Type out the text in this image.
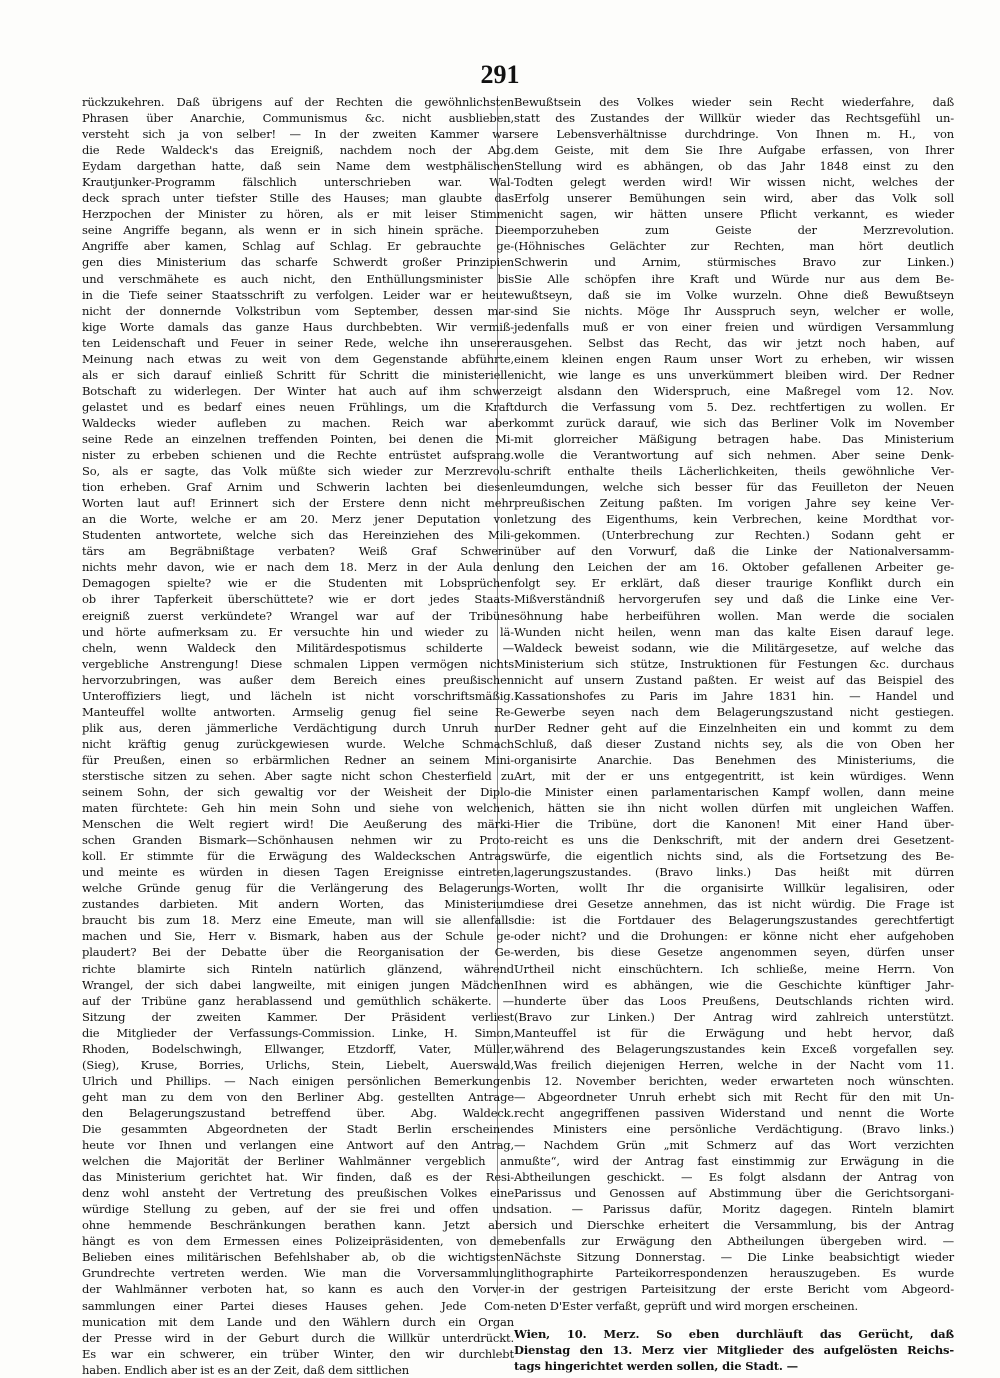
291
rückzukehren. Daß übrigens auf der Rechten die gewöhnlichsten
Phrasen über Anarchie, Communismus &c. nicht ausblieben,
versteht sich ja von selber! — In der zweiten Kammer war
die Rede Waldeck's das Ereigniß, nachdem noch der Abg.
Eydam dargethan hatte, daß sein Name dem westphälischen
Krautjunker-Programm fälschlich unterschrieben war. Wal-
deck sprach unter tiefster Stille des Hauses; man glaubte das
Herzpochen der Minister zu hören, als er mit leiser Stimme
seine Angriffe begann, als wenn er in sich hinein spräche. Die
Angriffe aber kamen, Schlag auf Schlag. Er gebrauchte ge-
gen dies Ministerium das scharfe Schwerdt großer Prinzipien
und verschmähete es auch nicht, den Enthüllungsminister bis
in die Tiefe seiner Staatsschrift zu verfolgen. Leider war er heute
nicht der donnernde Volkstribun vom September, dessen mar-
kige Worte damals das ganze Haus durchbebten. Wir vermiß-
ten Leidenschaft und Feuer in seiner Rede, welche ihn unserer
Meinung nach etwas zu weit von dem Gegenstande abführte,
als er sich darauf einließ Schritt für Schritt die ministerielle
Botschaft zu widerlegen. Der Winter hat auch auf ihm schwer
gelastet und es bedarf eines neuen Frühlings, um die Kraft
Waldecks wieder aufleben zu machen. Reich war aber
seine Rede an einzelnen treffenden Pointen, bei denen die Mi-
nister zu erbeben schienen und die Rechte entrüstet aufsprang.
So, als er sagte, das Volk müßte sich wieder zur Merzrevolu-
tion erheben. Graf Arnim und Schwerin lachten bei diesen
Worten laut auf! Erinnert sich der Erstere denn nicht mehr
an die Worte, welche er am 20. Merz jener Deputation von
Studenten antwortete, welche sich das Hereinziehen des Mili-
tärs am Begräbnißtage verbaten? Weiß Graf Schwerin
nichts mehr davon, wie er nach dem 18. Merz in der Aula den
Demagogen spielte? wie er die Studenten mit Lobsprüchen
ob ihrer Tapferkeit überschüttete? wie er dort jedes Staats-
ereigniß zuerst verkündete? Wrangel war auf der Tribüne
und hörte aufmerksam zu. Er versuchte hin und wieder zu lä-
cheln, wenn Waldeck den Militärdespotismus schilderte —
vergebliche Anstrengung! Diese schmalen Lippen vermögen nichts
hervorzubringen, was außer dem Bereich eines preußischen
Unteroffiziers liegt, und lächeln ist nicht vorschriftsmäßig.
Manteuffel wollte antworten. Armselig genug fiel seine Re-
plik aus, deren jämmerliche Verdächtigung durch Unruh nur
nicht kräftig genug zurückgewiesen wurde. Welche Schmach
für Preußen, einen so erbärmlichen Redner an seinem Mini-
sterstische sitzen zu sehen. Aber sagte nicht schon Chesterfield zu
seinem Sohn, der sich gewaltig vor der Weisheit der Diplo-
maten fürchtete: Geh hin mein Sohn und siehe von welchen
Menschen die Welt regiert wird! Die Aeußerung des märki-
schen Granden Bismark—Schönhausen nehmen wir zu Proto-
koll. Er stimmte für die Erwägung des Waldeckschen Antrags
und meinte es würden in diesen Tagen Ereignisse eintreten,
welche Gründe genug für die Verlängerung des Belagerungs-
zustandes darbieten. Mit andern Worten, das Ministerium
braucht bis zum 18. Merz eine Emeute, man will sie allenfalls
machen und Sie, Herr v. Bismark, haben aus der Schule ge-
plaudert? Bei der Debatte über die Reorganisation der Ge-
richte blamirte sich Rinteln natürlich glänzend, während
Wrangel, der sich dabei langweilte, mit einigen jungen Mädchen
auf der Tribüne ganz herablassend und gemüthlich schäkerte. —
Sitzung der zweiten Kammer. Der Präsident verliest
die Mitglieder der Verfassungs-Commission. Linke, H. Simon,
Rhoden, Bodelschwingh, Ellwanger, Etzdorff, Vater, Müller,
(Sieg), Kruse, Borries, Urlichs, Stein, Liebelt, Auerswald,
Ulrich und Phillips. — Nach einigen persönlichen Bemerkungen
geht man zu dem von den Berliner Abg. gestellten Antrage
den Belagerungszustand betreffend über. Abg. Waldeck.
Die gesammten Abgeordneten der Stadt Berlin erscheinen
heute vor Ihnen und verlangen eine Antwort auf den Antrag,
welchen die Majorität der Berliner Wahlmänner vergeblich an
das Ministerium gerichtet hat. Wir finden, daß es der Resi-
denz wohl ansteht der Vertretung des preußischen Volkes eine
würdige Stellung zu geben, auf der sie frei und offen und
ohne hemmende Beschränkungen berathen kann. Jetzt aber
hängt es von dem Ermessen eines Polizeipräsidenten, von dem
Belieben eines militärischen Befehlshaber ab, ob die wichtigsten
Grundrechte vertreten werden. Wie man die Vorversammlung
der Wahlmänner verboten hat, so kann es auch den Vorver-
sammlungen einer Partei dieses Hauses gehen. Jede Com-
munication mit dem Lande und den Wählern durch ein Organ
der Presse wird in der Geburt durch die Willkür unterdrückt.
Es war ein schwerer, ein trüber Winter, den wir durchlebt
haben. Endlich aber ist es an der Zeit, daß dem sittlichen
Bewußtsein des Volkes wieder sein Recht wiederfahre, daß
statt des Zustandes der Willkür wieder das Rechtsgefühl un-
sere Lebensverhältnisse durchdringe. Von Ihnen m. H., von
dem Geiste, mit dem Sie Ihre Aufgabe erfassen, von Ihrer
Stellung wird es abhängen, ob das Jahr 1848 einst zu den
Todten gelegt werden wird! Wir wissen nicht, welches der
Erfolg unserer Bemühungen sein wird, aber das Volk soll
nicht sagen, wir hätten unsere Pflicht verkannt, es wieder
emporzuheben zum Geiste der Merzrevolution.
(Höhnisches Gelächter zur Rechten, man hört deutlich
Schwerin und Arnim, stürmisches Bravo zur Linken.)
Sie Alle schöpfen ihre Kraft und Würde nur aus dem Be-
wußtseyn, daß sie im Volke wurzeln. Ohne dieß Bewußtseyn
sind Sie nichts. Möge Ihr Ausspruch seyn, welcher er wolle,
jedenfalls muß er von einer freien und würdigen Versammlung
ausgehen. Selbst das Recht, das wir jetzt noch haben, auf
einem kleinen engen Raum unser Wort zu erheben, wir wissen
nicht, wie lange es uns unverkümmert bleiben wird. Der Redner
zeigt alsdann den Widerspruch, eine Maßregel vom 12. Nov.
durch die Verfassung vom 5. Dez. rechtfertigen zu wollen. Er
kommt zurück darauf, wie sich das Berliner Volk im November
mit glorreicher Mäßigung betragen habe. Das Ministerium
wolle die Verantwortung auf sich nehmen. Aber seine Denk-
schrift enthalte theils Lächerlichkeiten, theils gewöhnliche Ver-
leumdungen, welche sich besser für das Feuilleton der Neuen
preußischen Zeitung paßten. Im vorigen Jahre sey keine Ver-
letzung des Eigenthums, kein Verbrechen, keine Mordthat vor-
gekommen. (Unterbrechung zur Rechten.) Sodann geht er
über auf den Vorwurf, daß die Linke der Nationalversamm-
lung den Leichen der am 16. Oktober gefallenen Arbeiter ge-
folgt sey. Er erklärt, daß dieser traurige Konflikt durch ein
Mißverständniß hervorgerufen sey und daß die Linke eine Ver-
söhnung habe herbeiführen wollen. Man werde die socialen
Wunden nicht heilen, wenn man das kalte Eisen darauf lege.
Waldeck beweist sodann, wie die Militärgesetze, auf welche das
Ministerium sich stütze, Instruktionen für Festungen &c. durchaus
nicht auf unsern Zustand paßten. Er weist auf das Beispiel des
Kassationshofes zu Paris im Jahre 1831 hin. — Handel und
Gewerbe seyen nach dem Belagerungszustand nicht gestiegen.
Der Redner geht auf die Einzelnheiten ein und kommt zu dem
Schluß, daß dieser Zustand nichts sey, als die von Oben her
organisirte Anarchie. Das Benehmen des Ministeriums, die
Art, mit der er uns entgegentritt, ist kein würdiges. Wenn
die Minister einen parlamentarischen Kampf wollen, dann meine
ich, hätten sie ihn nicht wollen dürfen mit ungleichen Waffen.
Hier die Tribüne, dort die Kanonen! Mit einer Hand über-
reicht es uns die Denkschrift, mit der andern drei Gesetzent-
würfe, die eigentlich nichts sind, als die Fortsetzung des Be-
lagerungszustandes. (Bravo links.) Das heißt mit dürren
Worten, wollt Ihr die organisirte Willkür legalisiren, oder
diese drei Gesetze annehmen, das ist nicht würdig. Die Frage ist
die: ist die Fortdauer des Belagerungszustandes gerechtfertigt
oder nicht? und die Drohungen: er könne nicht eher aufgehoben
werden, bis diese Gesetze angenommen seyen, dürfen unser
Urtheil nicht einschüchtern. Ich schließe, meine Herrn. Von
Ihnen wird es abhängen, wie die Geschichte künftiger Jahr-
hunderte über das Loos Preußens, Deutschlands richten wird.
(Bravo zur Linken.) Der Antrag wird zahlreich unterstützt.
Manteuffel ist für die Erwägung und hebt hervor, daß
während des Belagerungszustandes kein Exceß vorgefallen sey.
Was freilich diejenigen Herren, welche in der Nacht vom 11.
bis 12. November berichten, weder erwarteten noch wünschten.
— Abgeordneter Unruh erhebt sich mit Recht für den mit Un-
recht angegriffenen passiven Widerstand und nennt die Worte
des Ministers eine persönliche Verdächtigung. (Bravo links.)
— Nachdem Grün „mit Schmerz auf das Wort verzichten
mußte“, wird der Antrag fast einstimmig zur Erwägung in die
Abtheilungen geschickt. — Es folgt alsdann der Antrag von
Parissus und Genossen auf Abstimmung über die Gerichtsorgani-
sation. — Parissus dafür, Moritz dagegen. Rinteln blamirt
sich und Dierschke erheitert die Versammlung, bis der Antrag
ebenfalls zur Erwägung den Abtheilungen übergeben wird. —
Nächste Sitzung Donnerstag. — Die Linke beabsichtigt wieder
lithographirte Parteikorrespondenzen herauszugeben. Es wurde
in der gestrigen Parteisitzung der erste Bericht vom Abgeord-
neten D'Ester verfaßt, geprüft und wird morgen erscheinen.
Wien, 10. Merz. So eben durchläuft das Gerücht, daß
Dienstag den 13. Merz vier Mitglieder des aufgelösten Reichs-
tags hingerichtet werden sollen, die Stadt. —
